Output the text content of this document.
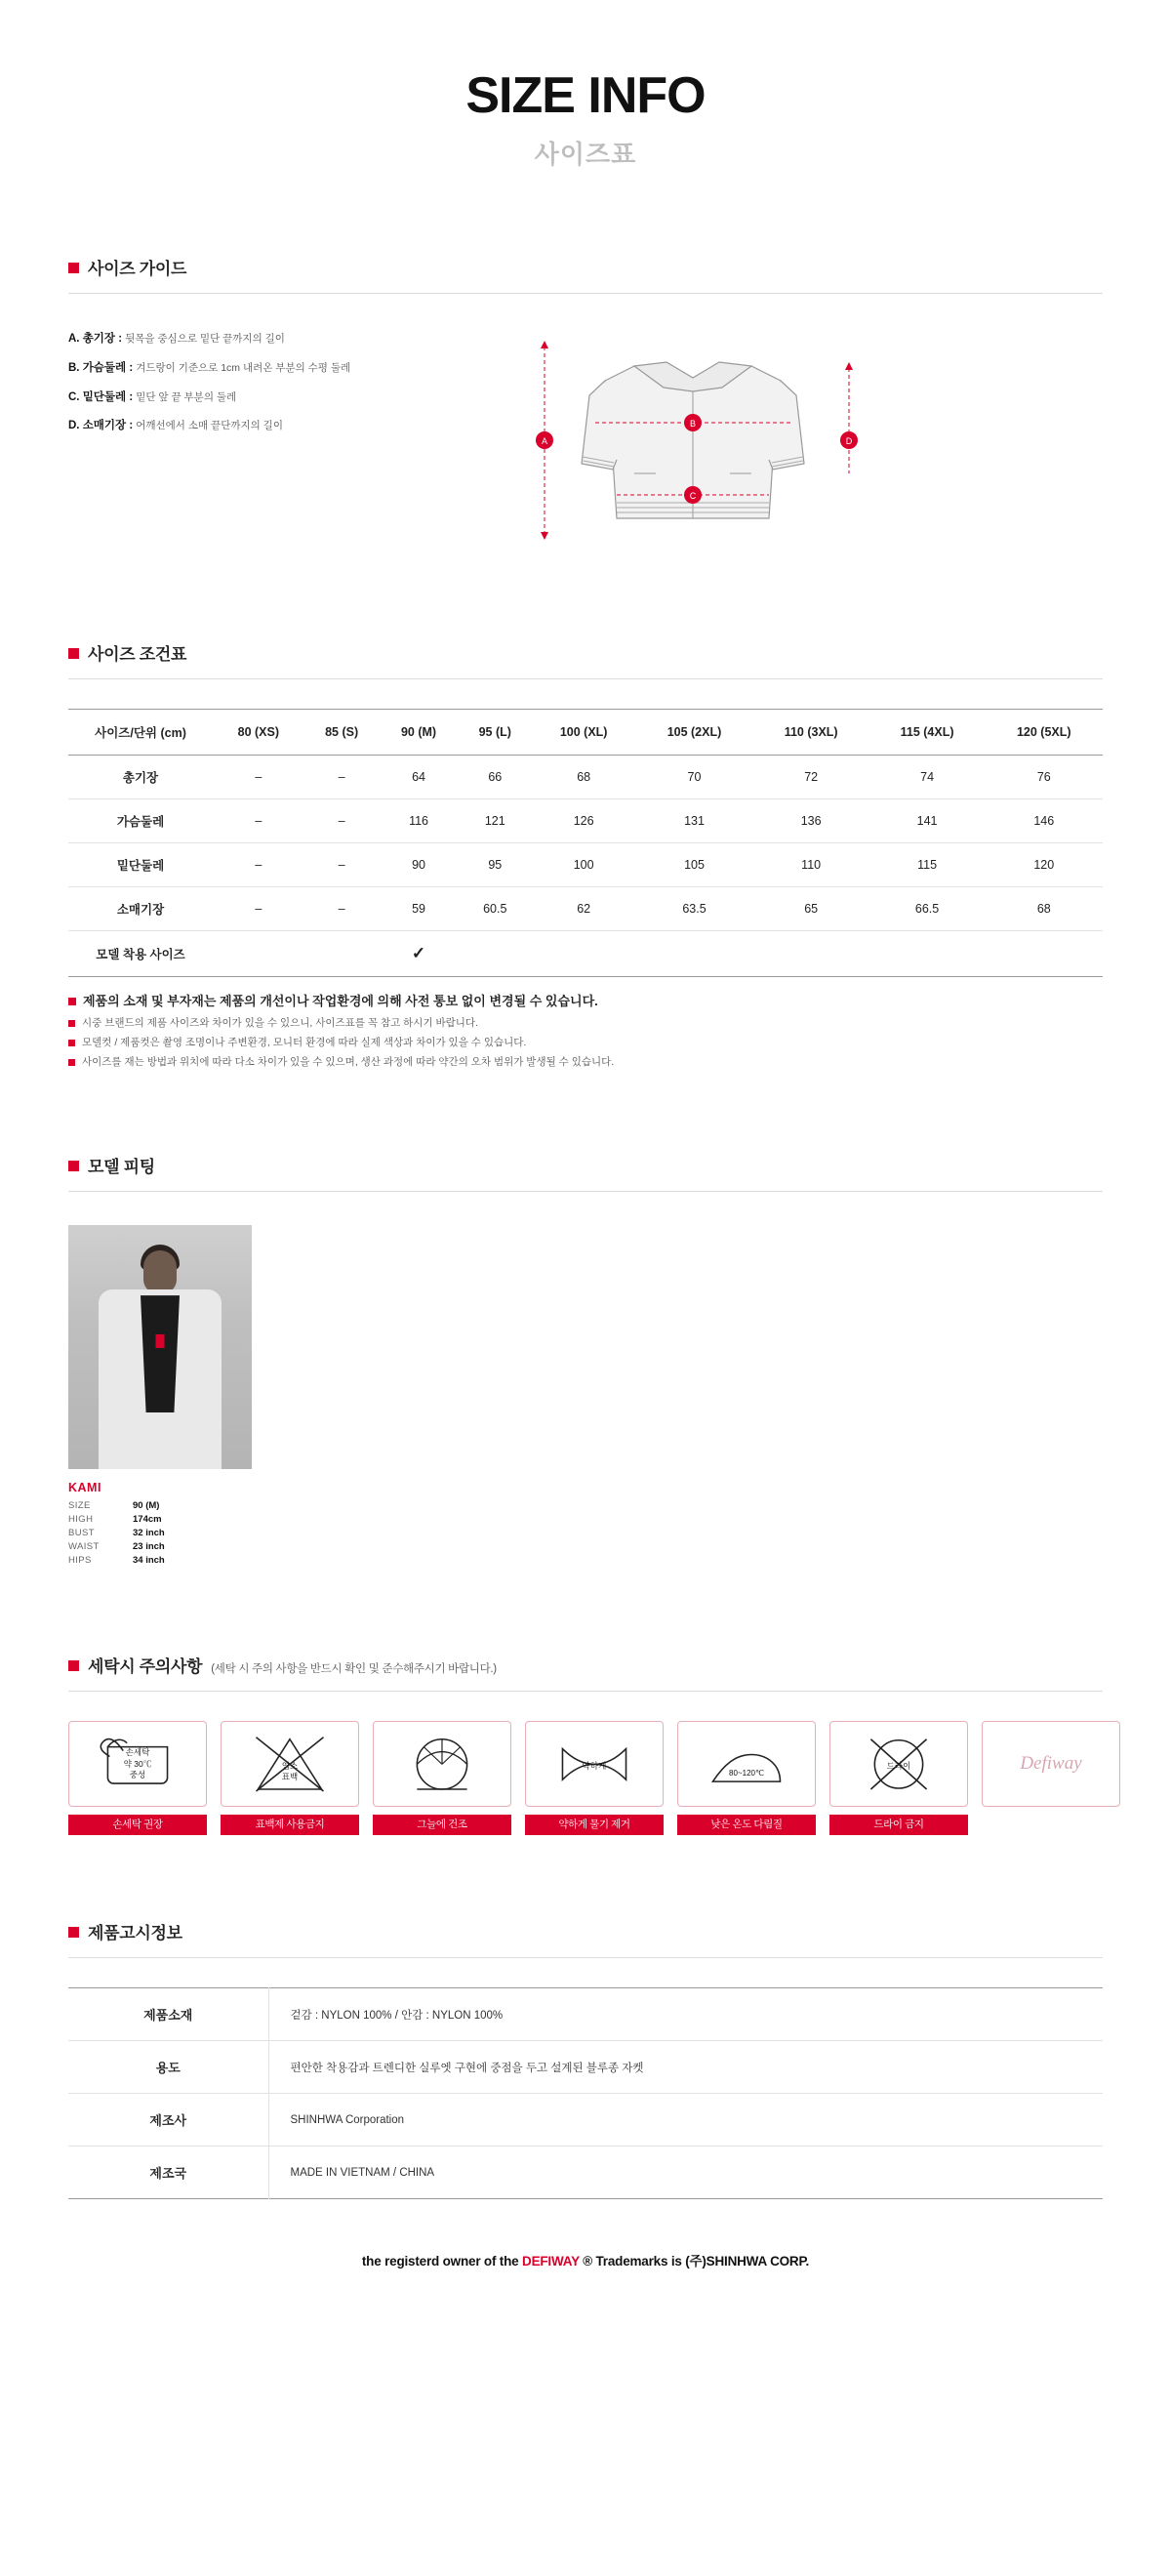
SIZE INFO
사이즈표
사이즈 가이드
A. 총기장 : 뒷목을 중심으로 밑단 끝까지의 길이
B. 가슴둘레 : 겨드랑이 기준으로 1cm 내려온 부분의 수평 둘레
C. 밑단둘레 : 밑단 앞 끝 부분의 둘레
D. 소매기장 : 어깨선에서 소매 끝단까지의 길이
A
B
C
D
사이즈 조건표
사이즈/단위 (cm)	80 (XS)	85 (S)	90 (M)	95 (L)	100 (XL)	105 (2XL)	110 (3XL)	115 (4XL)	120 (5XL)
총기장	–	–	64	66	68	70	72	74	76
가슴둘레	–	–	116	121	126	131	136	141	146
밑단둘레	–	–	90	95	100	105	110	115	120
소매기장	–	–	59	60.5	62	63.5	65	66.5	68
모델 착용 사이즈			✓						
제품의 소재 및 부자재는 제품의 개선이나 작업환경에 의해 사전 통보 없이 변경될 수 있습니다.
시중 브랜드의 제품 사이즈와 차이가 있을 수 있으니, 사이즈표를 꼭 참고 하시기 바랍니다.
모델컷 / 제품컷은 촬영 조명이나 주변환경, 모니터 환경에 따라 실제 색상과 차이가 있을 수 있습니다.
사이즈를 재는 방법과 위치에 따라 다소 차이가 있을 수 있으며, 생산 과정에 따라 약간의 오차 범위가 발생될 수 있습니다.
모델 피팅
KAMI
SIZE	90 (M)
HIGH	174cm
BUST	32 inch
WAIST	23 inch
HIPS	34 inch
세탁시 주의사항 (세탁 시 주의 사항을 반드시 확인 및 준수해주시기 바랍니다.)
손세탁
약 30℃
중성
손세탁 권장
염소
표백
표백제 사용금지	그늘에 건조
약하게
약하게 물기 제거
80~120℃
낮은 온도 다림질
드라이
드라이 금지
Defiway
제품고시정보
제품소재	겉감 : NYLON 100% / 안감 : NYLON 100%
용도	편안한 착용감과 트렌디한 실루엣 구현에 중점을 두고 설계된 블루종 자켓
제조사	SHINHWA Corporation
제조국	MADE IN VIETNAM / CHINA
the registerd owner of the DEFIWAY ® Trademarks is (주)SHINHWA CORP.
